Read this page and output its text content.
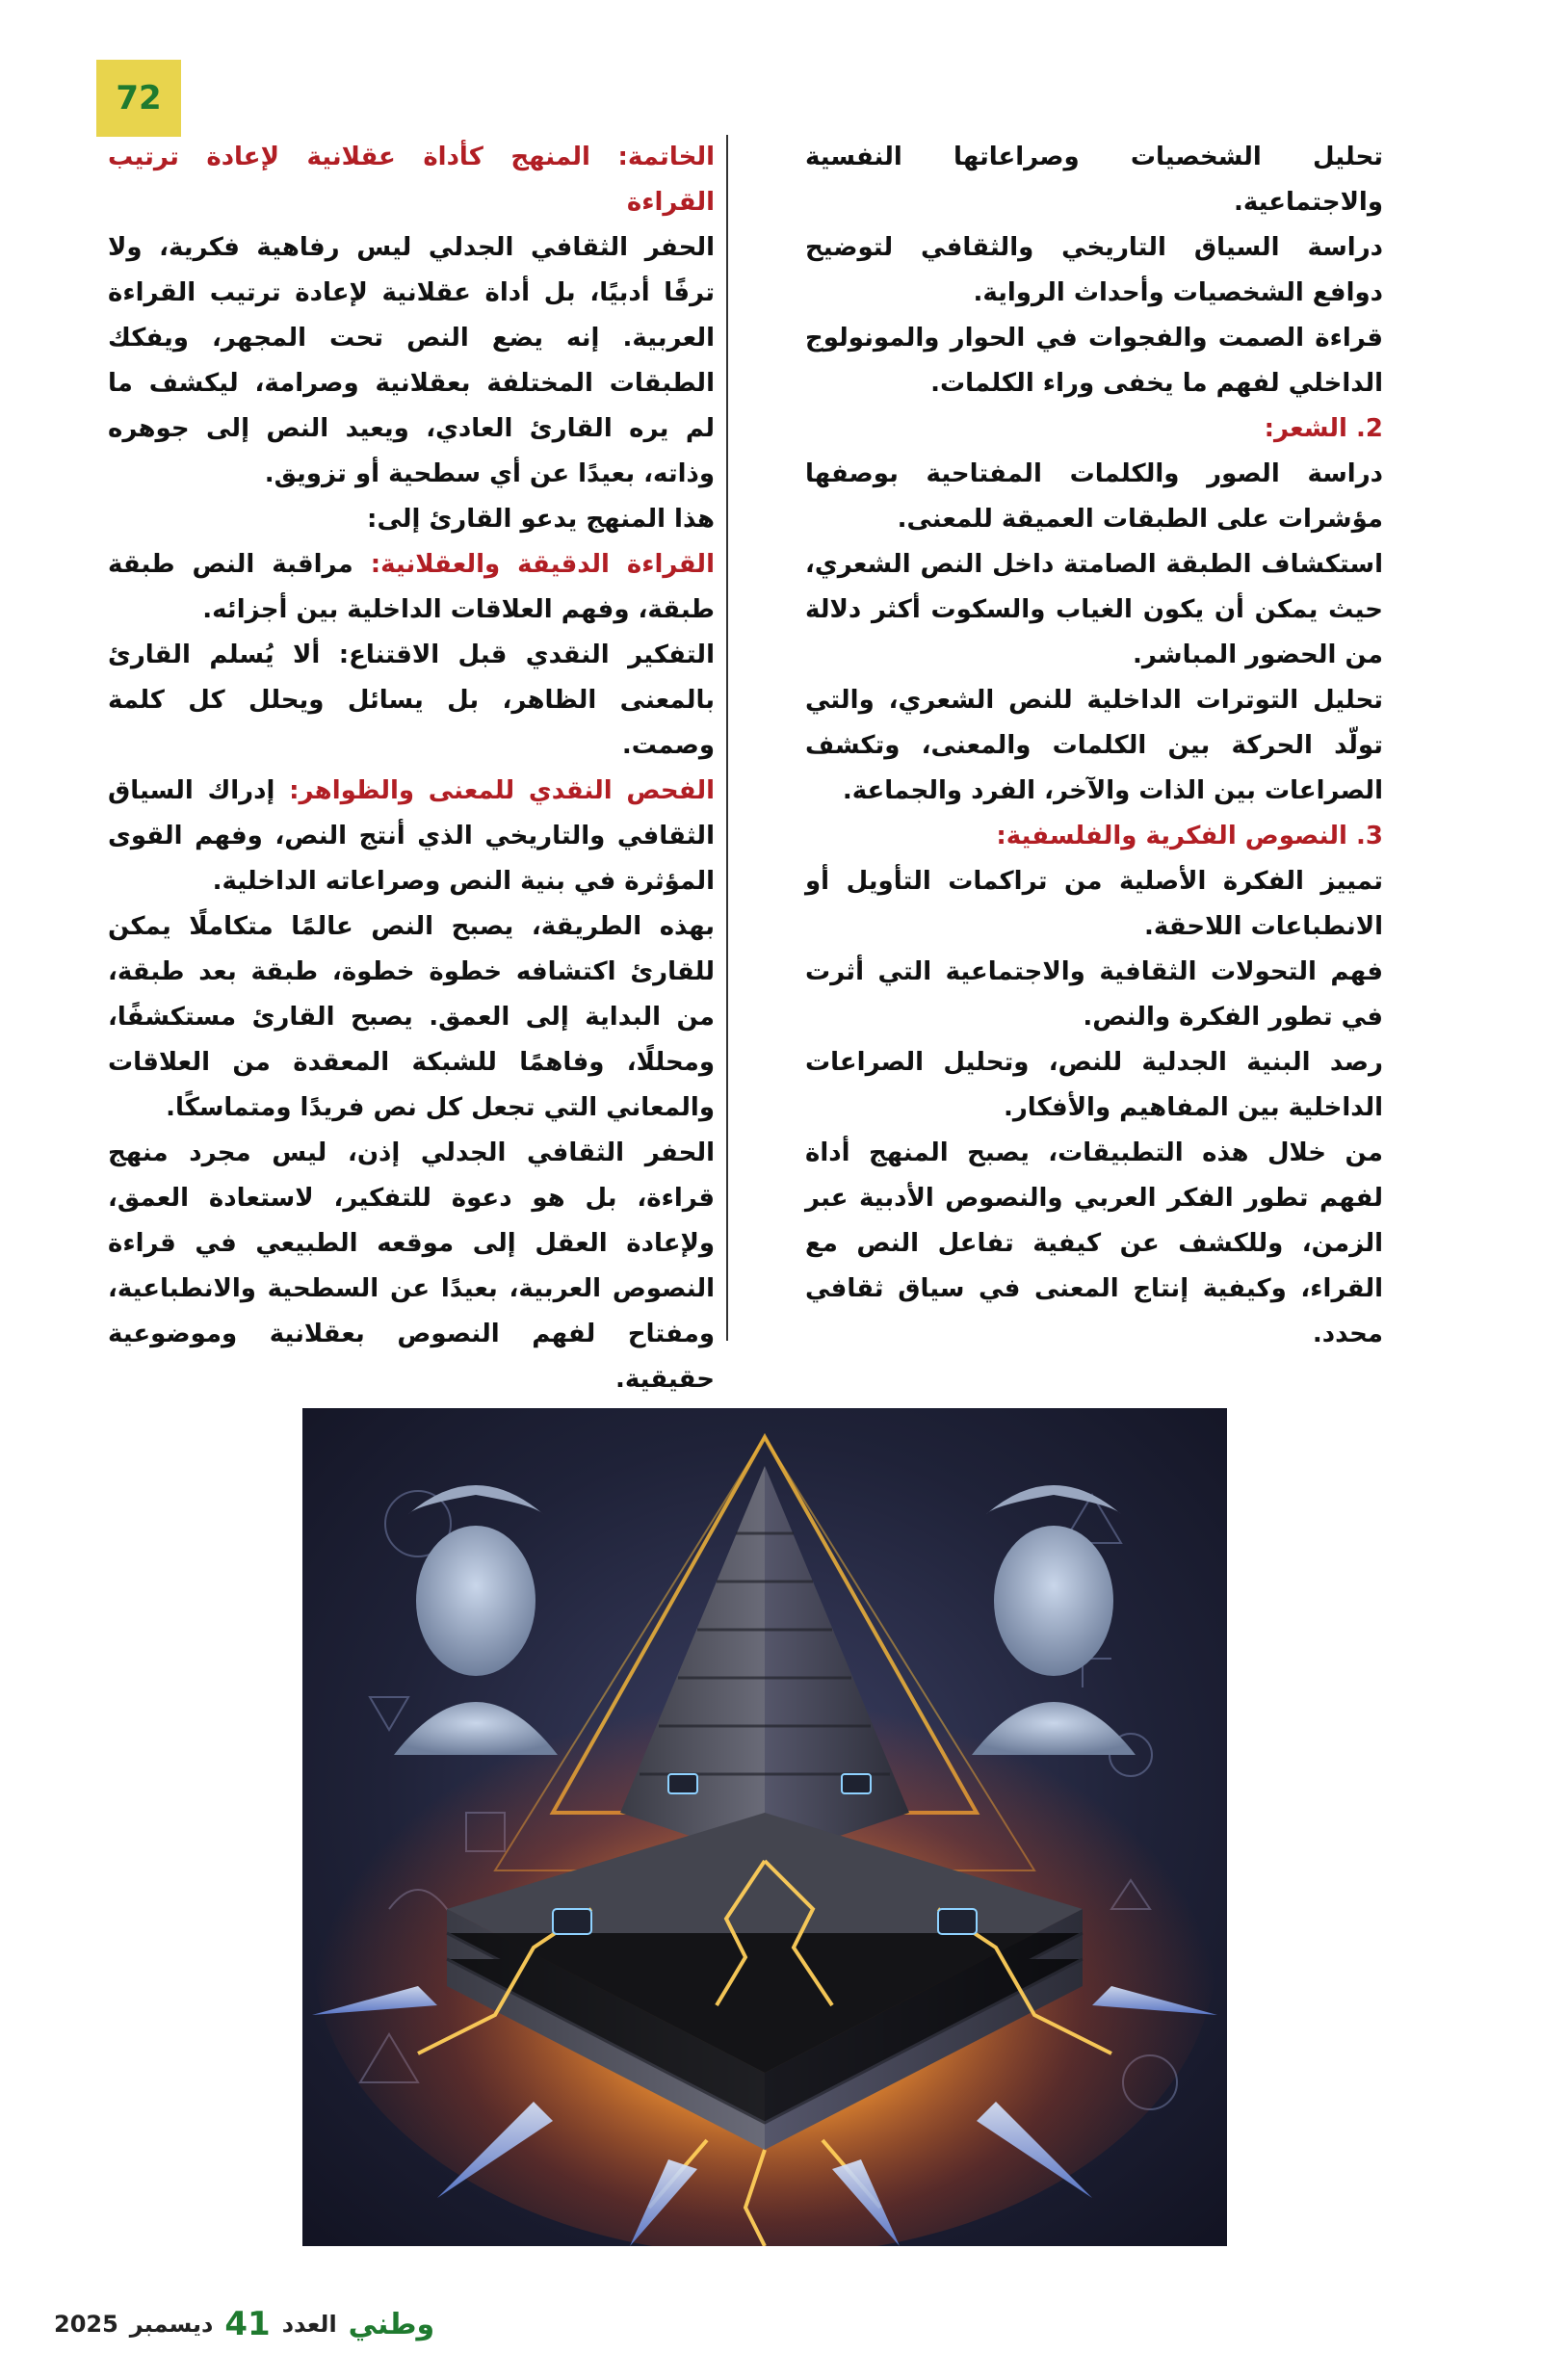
72

تحليل الشخصيات وصراعاتها النفسية والاجتماعية.

دراسة السياق التاريخي والثقافي لتوضيح دوافع الشخصيات وأحداث الرواية.

قراءة الصمت والفجوات في الحوار والمونولوج الداخلي لفهم ما يخفى وراء الكلمات.

2. الشعر:

دراسة الصور والكلمات المفتاحية بوصفها مؤشرات على الطبقات العميقة للمعنى.

استكشاف الطبقة الصامتة داخل النص الشعري، حيث يمكن أن يكون الغياب والسكوت أكثر دلالة من الحضور المباشر.

تحليل التوترات الداخلية للنص الشعري، والتي تولّد الحركة بين الكلمات والمعنى، وتكشف الصراعات بين الذات والآخر، الفرد والجماعة.

3. النصوص الفكرية والفلسفية:

تمييز الفكرة الأصلية من تراكمات التأويل أو الانطباعات اللاحقة.

فهم التحولات الثقافية والاجتماعية التي أثرت في تطور الفكرة والنص.

رصد البنية الجدلية للنص، وتحليل الصراعات الداخلية بين المفاهيم والأفكار.

من خلال هذه التطبيقات، يصبح المنهج أداة لفهم تطور الفكر العربي والنصوص الأدبية عبر الزمن، وللكشف عن كيفية تفاعل النص مع القراء، وكيفية إنتاج المعنى في سياق ثقافي محدد.

الخاتمة: المنهج كأداة عقلانية لإعادة ترتيب القراءة

الحفر الثقافي الجدلي ليس رفاهية فكرية، ولا ترفًا أدبيًا، بل أداة عقلانية لإعادة ترتيب القراءة العربية. إنه يضع النص تحت المجهر، ويفكك الطبقات المختلفة بعقلانية وصرامة، ليكشف ما لم يره القارئ العادي، ويعيد النص إلى جوهره وذاته، بعيدًا عن أي سطحية أو تزويق.

هذا المنهج يدعو القارئ إلى:

القراءة الدقيقة والعقلانية: مراقبة النص طبقة طبقة، وفهم العلاقات الداخلية بين أجزائه.

التفكير النقدي قبل الاقتناع: ألا يُسلم القارئ بالمعنى الظاهر، بل يسائل ويحلل كل كلمة وصمت.

الفحص النقدي للمعنى والظواهر: إدراك السياق الثقافي والتاريخي الذي أنتج النص، وفهم القوى المؤثرة في بنية النص وصراعاته الداخلية.

بهذه الطريقة، يصبح النص عالمًا متكاملًا يمكن للقارئ اكتشافه خطوة خطوة، طبقة بعد طبقة، من البداية إلى العمق. يصبح القارئ مستكشفًا، ومحللًا، وفاهمًا للشبكة المعقدة من العلاقات والمعاني التي تجعل كل نص فريدًا ومتماسكًا.

الحفر الثقافي الجدلي إذن، ليس مجرد منهج قراءة، بل هو دعوة للتفكير، لاستعادة العمق، ولإعادة العقل إلى موقعه الطبيعي في قراءة النصوص العربية، بعيدًا عن السطحية والانطباعية، ومفتاح لفهم النصوص بعقلانية وموضوعية حقيقية.

2025 ديسمبر 41 العدد وطني
